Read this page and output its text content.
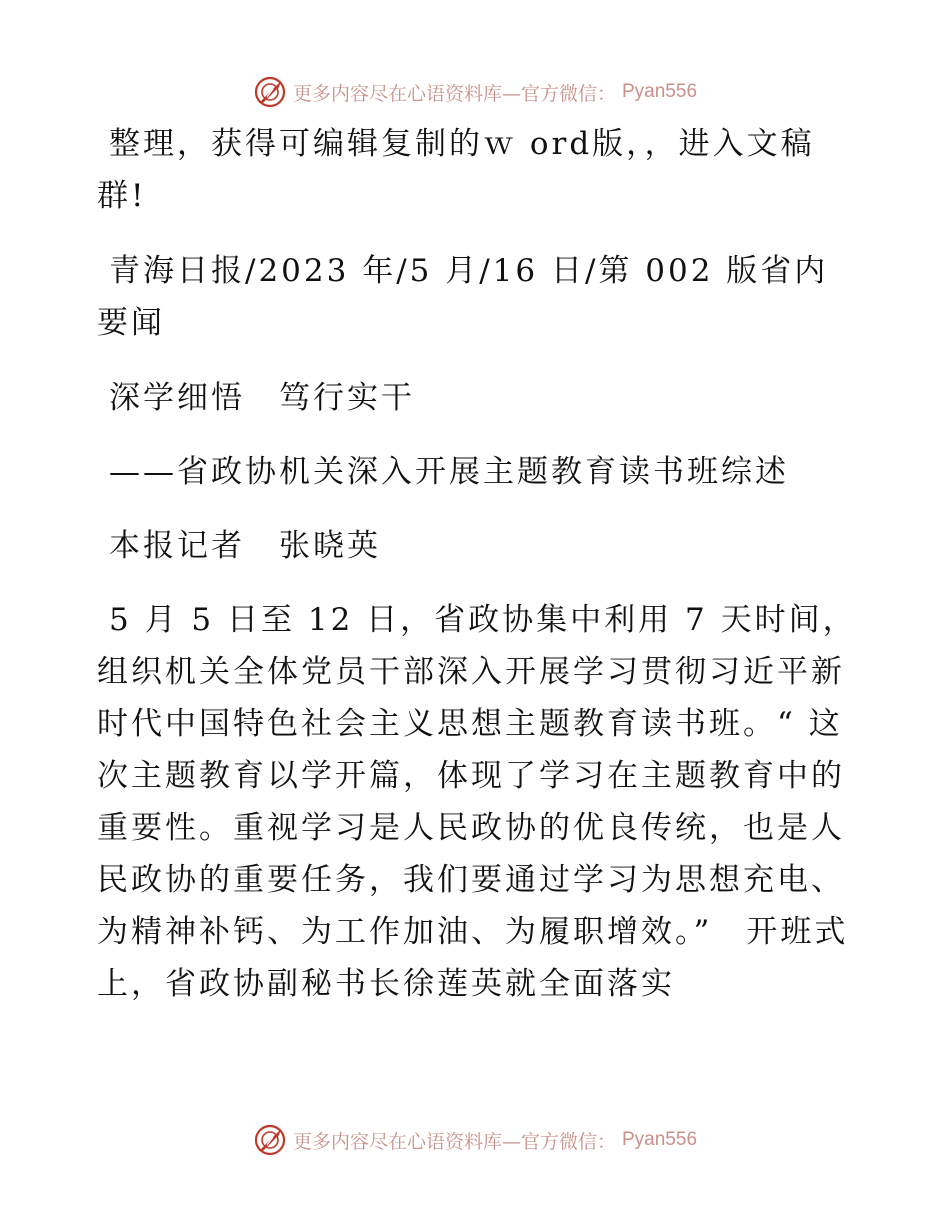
更多内容尽在心语资料库—官方微信： Pyan556

整理，获得可编辑复制的ｗ ord版，，进入文稿群!

青海日报/2023 年/5 月/16 日/第 002 版省内要闻

深学细悟　笃行实干

——省政协机关深入开展主题教育读书班综述

本报记者　张晓英

5 月 5 日至 12 日，省政协集中利用 7 天时间，组织机关全体党员干部深入开展学习贯彻习近平新时代中国特色社会主义思想主题教育读书班。“ 这次主题教育以学开篇，体现了学习在主题教育中的重要性。重视学习是人民政协的优良传统，也是人民政协的重要任务，我们要通过学习为思想充电、为精神补钙、为工作加油、为履职增效。”　开班式上，省政协副秘书长徐莲英就全面落实

更多内容尽在心语资料库—官方微信： Pyan556
